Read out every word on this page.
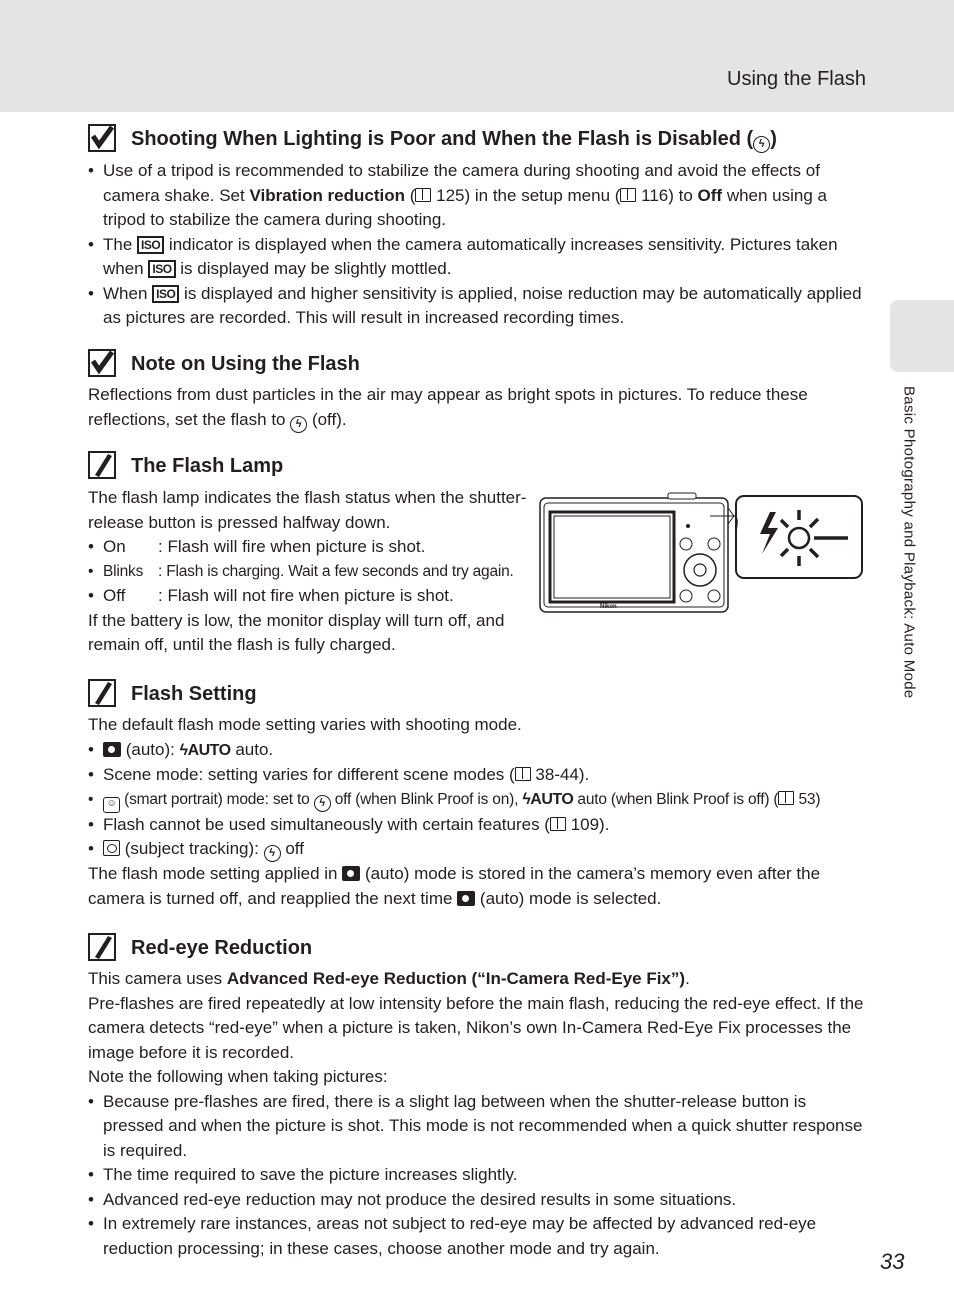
Using the Flash
Basic Photography and Playback: Auto Mode
Shooting When Lighting is Poor and When the Flash is Disabled ( ϟ )
• Use of a tripod is recommended to stabilize the camera during shooting and avoid the effects of camera shake. Set Vibration reduction ( 125) in the setup menu ( 116) to Off when using a tripod to stabilize the camera during shooting.
• The ISO indicator is displayed when the camera automatically increases sensitivity. Pictures taken when ISO is displayed may be slightly mottled.
• When ISO is displayed and higher sensitivity is applied, noise reduction may be automatically applied as pictures are recorded. This will result in increased recording times.
Note on Using the Flash

Reflections from dust particles in the air may appear as bright spots in pictures. To reduce these reflections, set the flash to ϟ (off).

The Flash Lamp

The flash lamp indicates the flash status when the shutter-release button is pressed halfway down.

• On	: Flash will fire when picture is shot.
• Blinks : Flash is charging. Wait a few seconds and try again.
• Off	: Flash will not fire when picture is shot.

If the battery is low, the monitor display will turn off, and remain off, until the flash is fully charged.

Nikon
Flash Setting

The default flash mode setting varies with shooting mode.

• (auto): ϟAUTO auto.
• Scene mode: setting varies for different scene modes ( 38-44).
• ☺ (smart portrait) mode: set to ϟ off (when Blink Proof is on), ϟAUTO auto (when Blink Proof is off) ( 53)
• Flash cannot be used simultaneously with certain features ( 109).
• (subject tracking): ϟ off

The flash mode setting applied in  (auto) mode is stored in the camera’s memory even after the camera is turned off, and reapplied the next time  (auto) mode is selected.

Red-eye Reduction

This camera uses Advanced Red-eye Reduction (“In-Camera Red-Eye Fix”).

Pre-flashes are fired repeatedly at low intensity before the main flash, reducing the red-eye effect. If the camera detects “red-eye” when a picture is taken, Nikon’s own In-Camera Red-Eye Fix processes the image before it is recorded.

Note the following when taking pictures:

• Because pre-flashes are fired, there is a slight lag between when the shutter-release button is pressed and when the picture is shot. This mode is not recommended when a quick shutter response is required.
• The time required to save the picture increases slightly.
• Advanced red-eye reduction may not produce the desired results in some situations.
• In extremely rare instances, areas not subject to red-eye may be affected by advanced red-eye reduction processing; in these cases, choose another mode and try again.
33
